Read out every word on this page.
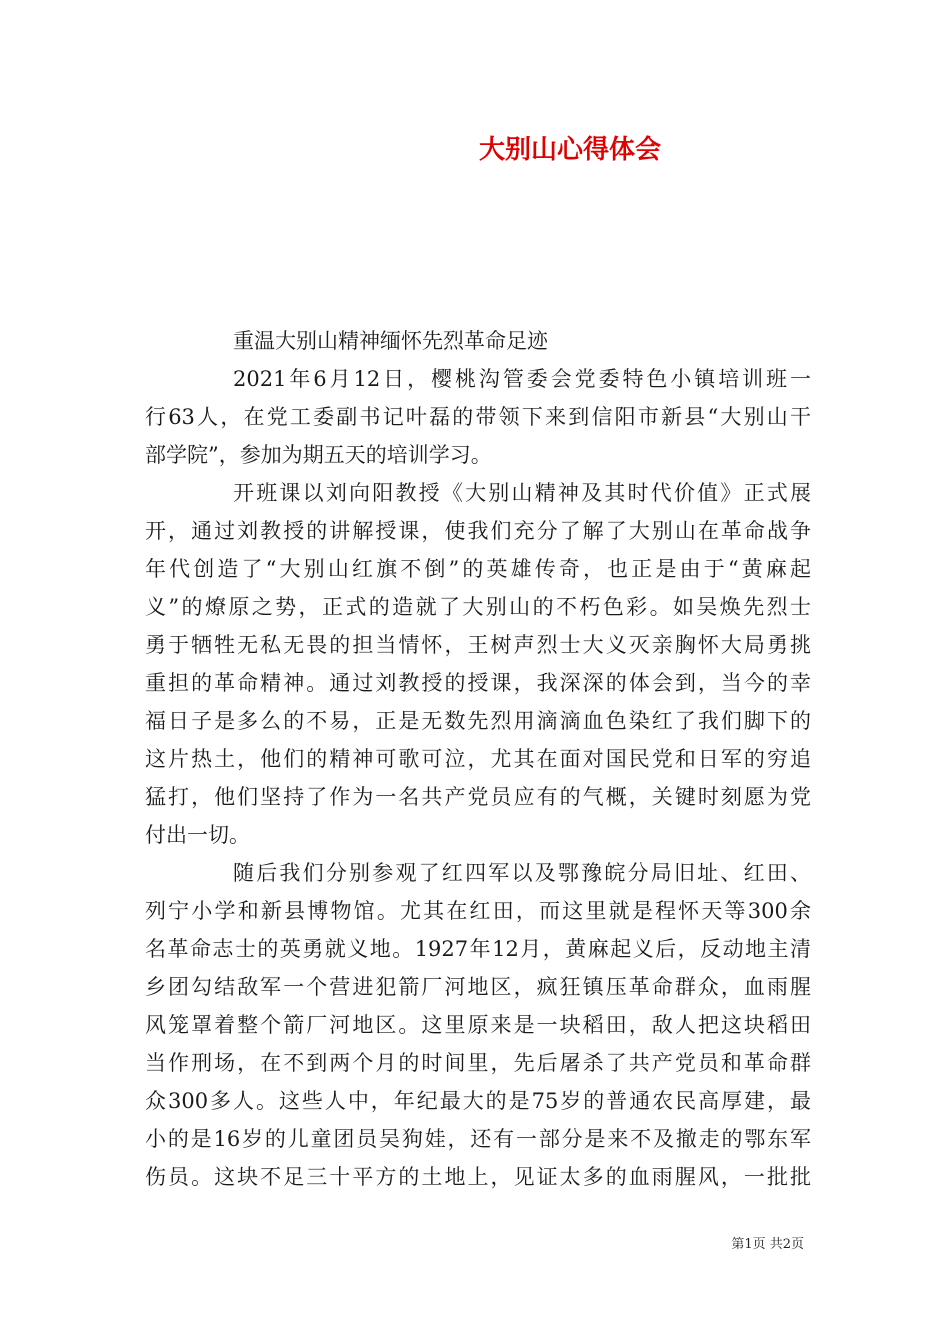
大别山心得体会

重温大别山精神缅怀先烈革命足迹

2021年6月12日，樱桃沟管委会党委特色小镇培训班一
行63人，在党工委副书记叶磊的带领下来到信阳市新县“大别山干
部学院”，参加为期五天的培训学习。
开班课以刘向阳教授《大别山精神及其时代价值》正式展
开，通过刘教授的讲解授课，使我们充分了解了大别山在革命战争
年代创造了“大别山红旗不倒”的英雄传奇，也正是由于“黄麻起
义”的燎原之势，正式的造就了大别山的不朽色彩。如吴焕先烈士
勇于牺牲无私无畏的担当情怀，王树声烈士大义灭亲胸怀大局勇挑
重担的革命精神。通过刘教授的授课，我深深的体会到，当今的幸
福日子是多么的不易，正是无数先烈用滴滴血色染红了我们脚下的
这片热土，他们的精神可歌可泣，尤其在面对国民党和日军的穷追
猛打，他们坚持了作为一名共产党员应有的气概，关键时刻愿为党
付出一切。
随后我们分别参观了红四军以及鄂豫皖分局旧址、红田、
列宁小学和新县博物馆。尤其在红田，而这里就是程怀天等300余
名革命志士的英勇就义地。1927年12月，黄麻起义后，反动地主清
乡团勾结敌军一个营进犯箭厂河地区，疯狂镇压革命群众，血雨腥
风笼罩着整个箭厂河地区。这里原来是一块稻田，敌人把这块稻田
当作刑场，在不到两个月的时间里，先后屠杀了共产党员和革命群
众300多人。这些人中，年纪最大的是75岁的普通农民高厚建，最
小的是16岁的儿童团员吴狗娃，还有一部分是来不及撤走的鄂东军
伤员。这块不足三十平方的土地上，见证太多的血雨腥风，一批批
第1页 共2页
